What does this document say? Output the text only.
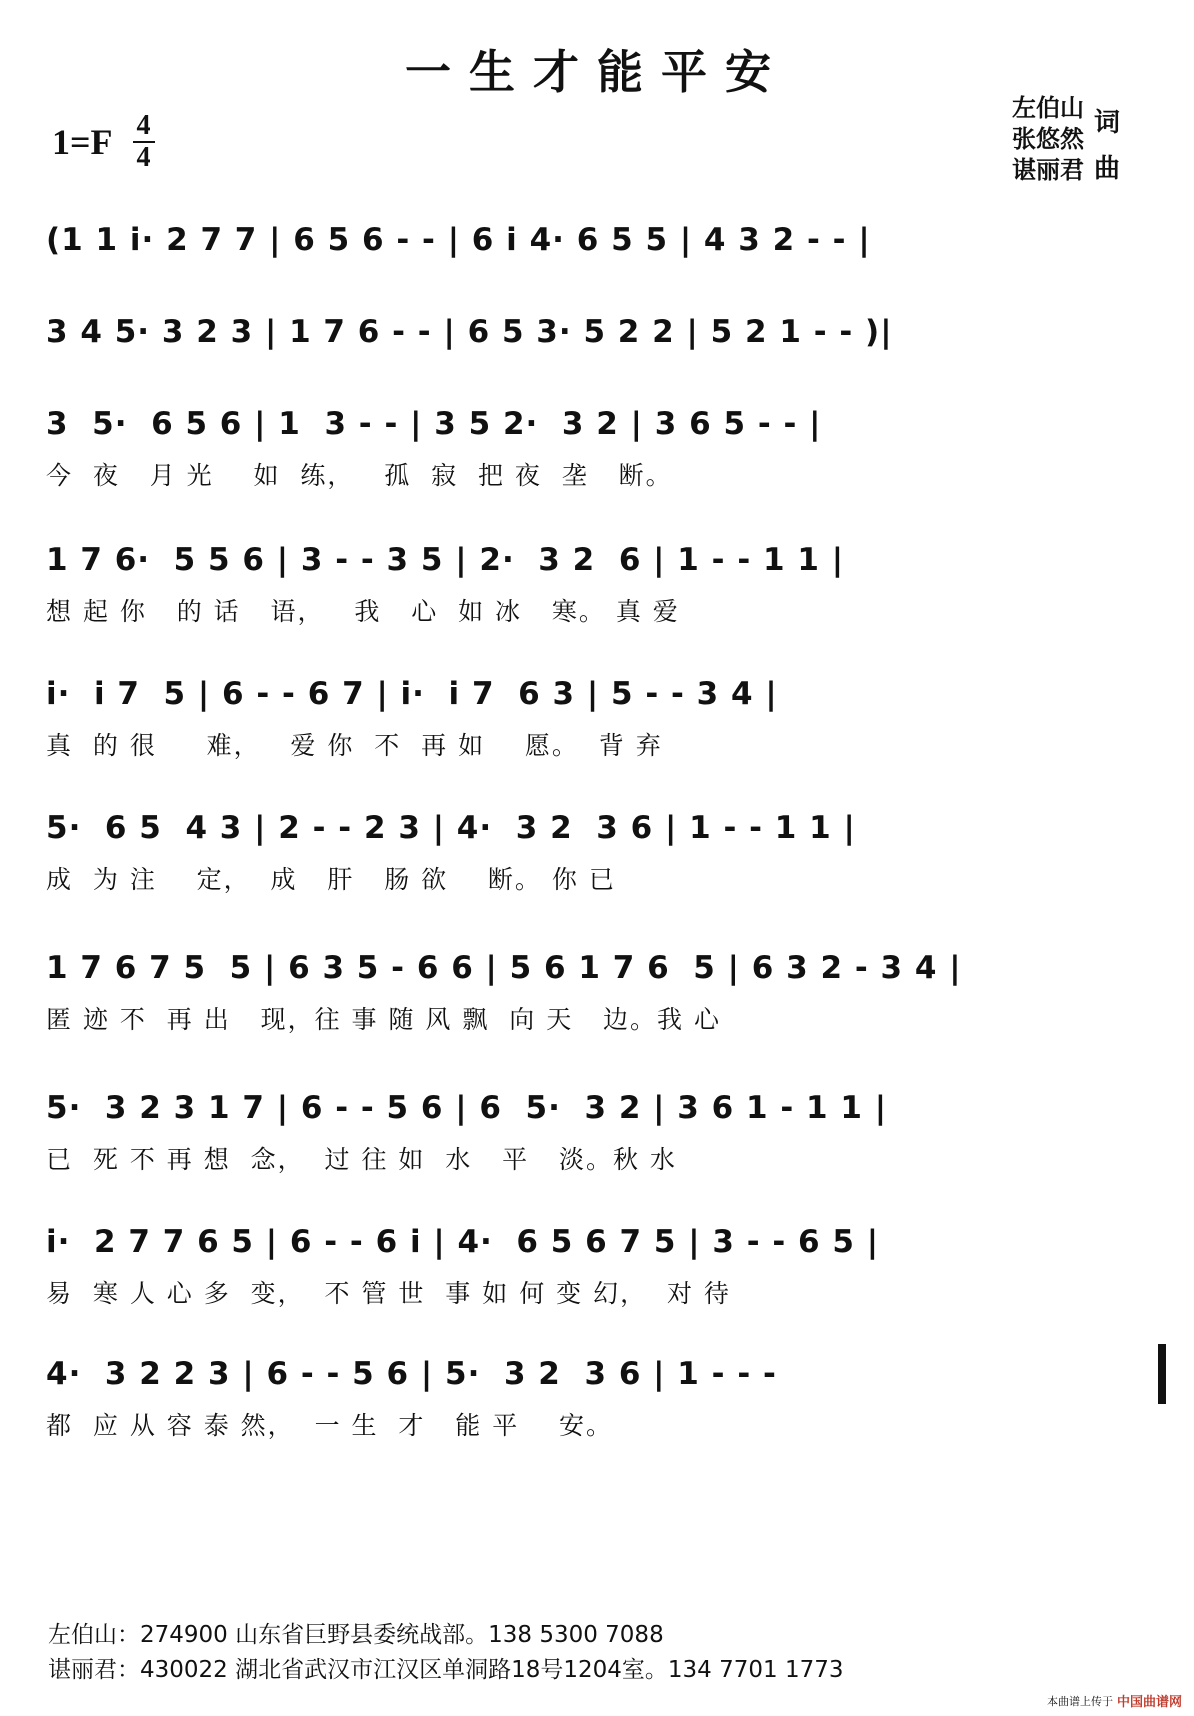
一生才能平安
1=F 4
4
左伯山
张悠然
词
谌丽君 曲
(1 1 i· 2 7 7 | 6 5 6 - - | 6 i 4· 6 5 5 | 4 3 2 - - |
3 4 5· 3 2 3 | 1 7 6 - - | 6 5 3· 5 2 2 | 5 2 1 - - )|
3  5·  6 5 6 | 1  3 - - | 3 5 2·  3 2 | 3 6 5 - - |
今  夜   月 光    如  练，   孤  寂  把 夜  垄   断。
1 7 6·  5 5 6 | 3 - - 3 5 | 2·  3 2  6 | 1 - - 1 1 |
想 起 你   的 话   语，   我   心  如 冰   寒。 真 爱
i·  i 7  5 | 6 - - 6 7 | i·  i 7  6 3 | 5 - - 3 4 |
真  的 很     难，   爱 你  不  再 如    愿。  背 弃
5·  6 5  4 3 | 2 - - 2 3 | 4·  3 2  3 6 | 1 - - 1 1 |
成  为 注    定，  成   肝   肠 欲    断。 你 已
1 7 6 7 5  5 | 6 3 5 - 6 6 | 5 6 1 7 6  5 | 6 3 2 - 3 4 |
匿 迹 不  再 出   现，往 事 随 风 飘  向 天   边。我 心
5·  3 2 3 1 7 | 6 - - 5 6 | 6  5·  3 2 | 3 6 1 - 1 1 |
已  死 不 再 想  念，  过 往 如  水   平   淡。秋 水
i·  2 7 7 6 5 | 6 - - 6 i | 4·  6 5 6 7 5 | 3 - - 6 5 |
易  寒 人 心 多  变，  不 管 世  事 如 何 变 幻，  对 待
4·  3 2 2 3 | 6 - - 5 6 | 5·  3 2  3 6 | 1 - - -
都  应 从 容 泰 然，  一 生  才   能 平    安。
左伯山：274900 山东省巨野县委统战部。138 5300 7088
谌丽君：430022 湖北省武汉市江汉区单洞路18号1204室。134 7701 1773
本曲谱上传于 中国曲谱网
